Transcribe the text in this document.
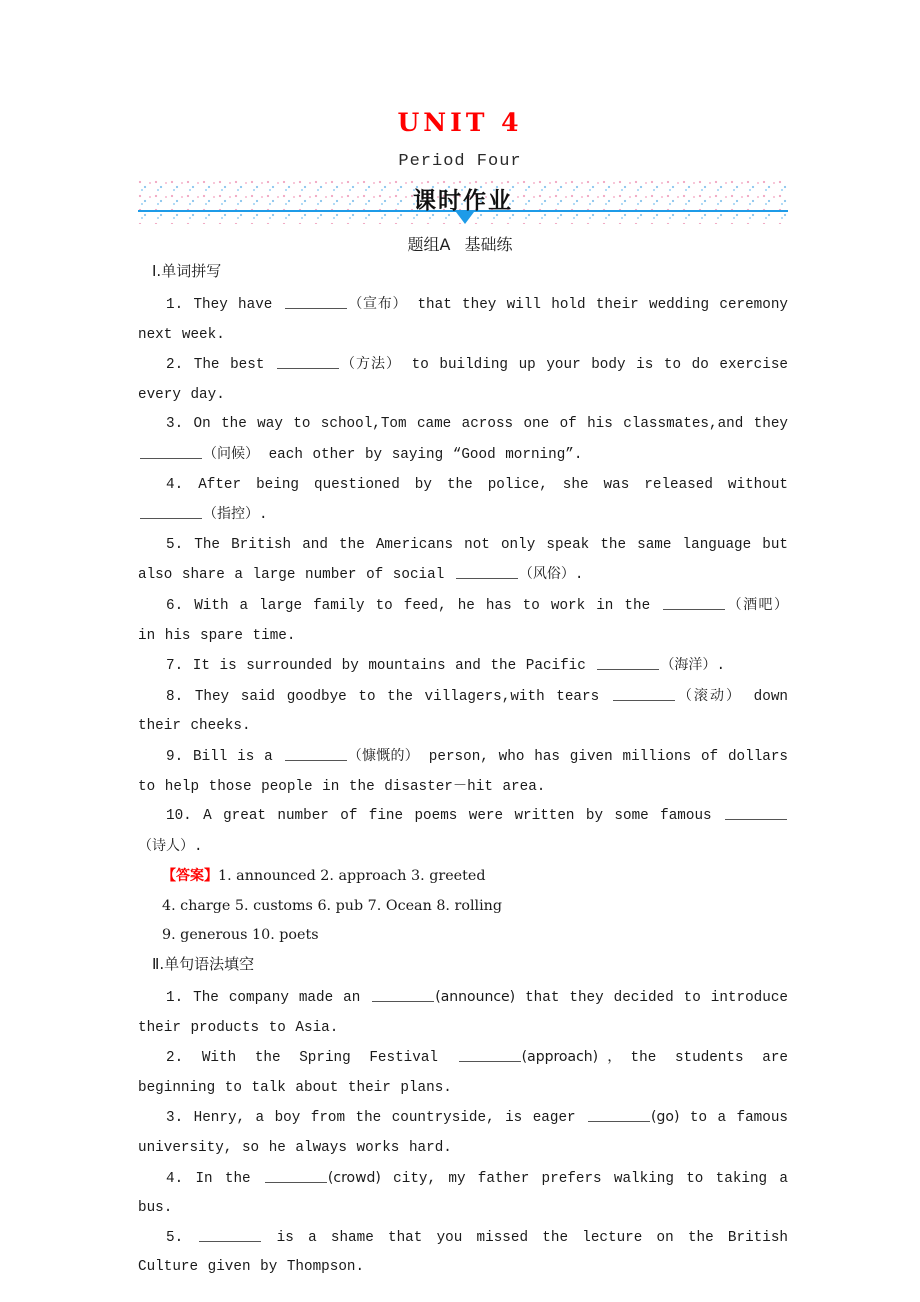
UNIT 4
Period Four
课时作业
题组A 基础练
Ⅰ.单词拼写

1. They have	（宣布） that they will hold their wedding ceremony next week.

2. The best	（方法） to building up your body is to do exercise every day.

3. On the way to school,Tom came across one of his classmates,and they （问候） each other by saying “Good morning”.

4. After being questioned by the police, she was released without （指控）.

5. The British and the Americans not only speak the same language but also share a large number of social	（风俗）.

6. With a large family to feed, he has to work in the	（酒吧） in his spare time.

7. It is surrounded by mountains and the Pacific	（海洋）.

8. They said goodbye to the villagers,with tears	（滚动） down their cheeks.

9. Bill is a	（慷慨的） person, who has given millions of dollars to help those people in the disaster－hit area.

10. A great number of fine poems were written by some famous （诗人）.

【答案】1. announced 2. approach 3. greeted

4. charge 5. customs 6. pub 7. Ocean 8. rolling

9. generous 10. poets

Ⅱ.单句语法填空

1. The company made an	(announce) that they decided to introduce their products to Asia.

2. With the Spring Festival	(approach)，the students are beginning to talk about their plans.

3. Henry, a boy from the countryside, is eager	(go) to a famous university, so he always works hard.

4. In the	(crowd) city, my father prefers walking to taking a bus.

5.	is a shame that you missed the lecture on the British Culture given by Thompson.
